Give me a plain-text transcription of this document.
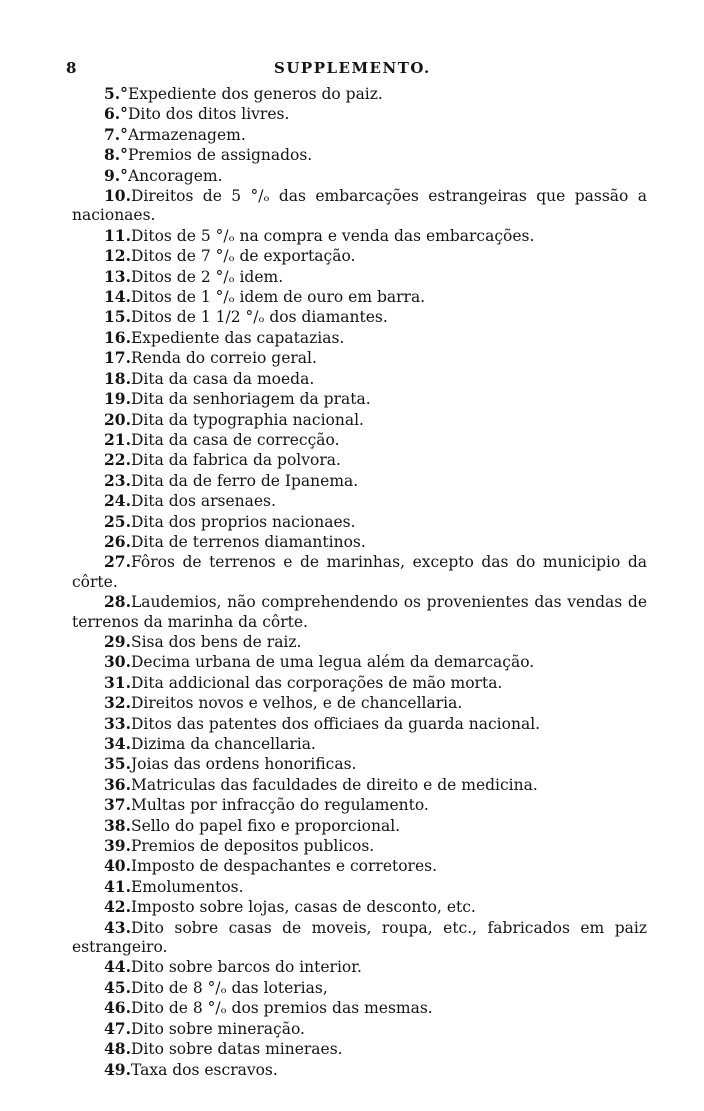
8	SUPPLEMENTO.
5.°Expediente dos generos do paiz.
6.°Dito dos ditos livres.
7.°Armazenagem.
8.°Premios de assignados.
9.°Ancoragem.
10.Direitos de 5 °/ₒ das embarcações estrangeiras que passão a nacionaes.
11.Ditos de 5 °/ₒ na compra e venda das embarcações.
12.Ditos de 7 °/ₒ de exportação.
13.Ditos de 2 °/ₒ idem.
14.Ditos de 1 °/ₒ idem de ouro em barra.
15.Ditos de 1 1/2 °/ₒ dos diamantes.
16.Expediente das capatazias.
17.Renda do correio geral.
18.Dita da casa da moeda.
19.Dita da senhoriagem da prata.
20.Dita da typographia nacional.
21.Dita da casa de correcção.
22.Dita da fabrica da polvora.
23.Dita da de ferro de Ipanema.
24.Dita dos arsenaes.
25.Dita dos proprios nacionaes.
26.Dita de terrenos diamantinos.
27.Fôros de terrenos e de marinhas, excepto das do municipio da côrte.
28.Laudemios, não comprehendendo os provenientes das vendas de terrenos da marinha da côrte.
29.Sisa dos bens de raiz.
30.Decima urbana de uma legua além da demarcação.
31.Dita addicional das corporações de mão morta.
32.Direitos novos e velhos, e de chancellaria.
33.Ditos das patentes dos officiaes da guarda nacional.
34.Dizima da chancellaria.
35.Joias das ordens honorificas.
36.Matriculas das faculdades de direito e de medicina.
37.Multas por infracção do regulamento.
38.Sello do papel fixo e proporcional.
39.Premios de depositos publicos.
40.Imposto de despachantes e corretores.
41.Emolumentos.
42.Imposto sobre lojas, casas de desconto, etc.
43.Dito sobre casas de moveis, roupa, etc., fabricados em paiz estrangeiro.
44.Dito sobre barcos do interior.
45.Dito de 8 °/ₒ das loterias,
46.Dito de 8 °/ₒ dos premios das mesmas.
47.Dito sobre mineração.
48.Dito sobre datas mineraes.
49.Taxa dos escravos.
